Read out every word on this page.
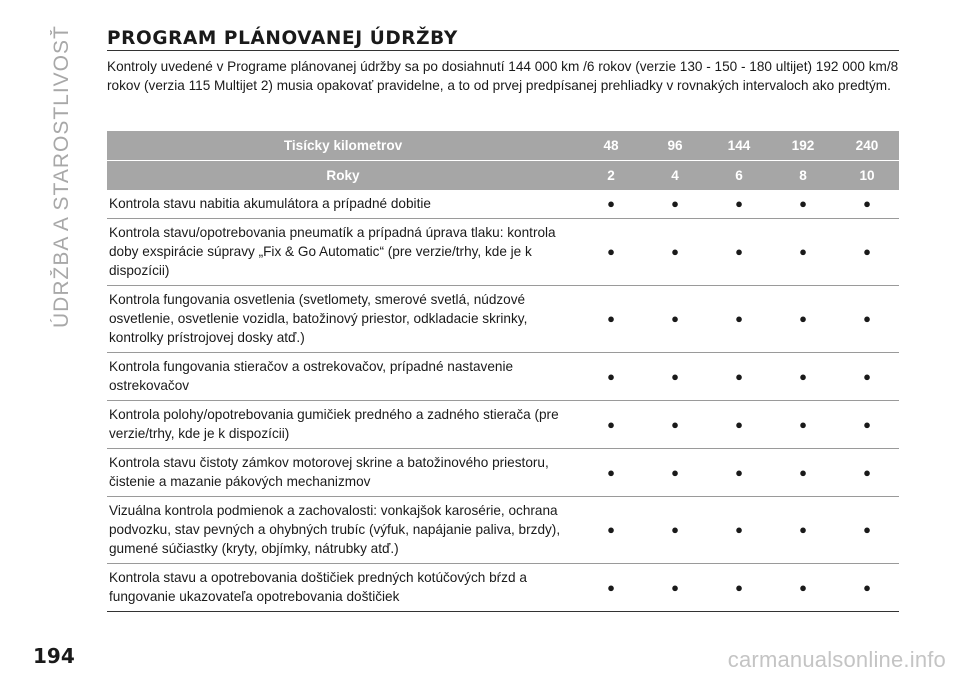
ÚDRŽBA A STAROSTLIVOSŤ PROGRAM PLÁNOVANEJ ÚDRŽBY
Kontroly uvedené v Programe plánovanej údržby sa po dosiahnutí 144 000 km /6 rokov (verzie 130 - 150 - 180 ultijet) 192 000 km/8 rokov (verzia 115 Multijet 2) musia opakovať pravidelne, a to od prvej predpísanej prehliadky v rovnakých intervaloch ako predtým.
Tisícky kilometrov	48	96	144	192	240
Roky	2	4	6	8	10
Kontrola stavu nabitia akumulátora a prípadné dobitie	●	●	●	●	●
Kontrola stavu/opotrebovania pneumatík a prípadná úprava tlaku: kontrola doby exspirácie súpravy „Fix & Go Automatic“ (pre verzie/trhy, kde je k dispozícii)	●	●	●	●	●
Kontrola fungovania osvetlenia (svetlomety, smerové svetlá, núdzové osvetlenie, osvetlenie vozidla, batožinový priestor, odkladacie skrinky, kontrolky prístrojovej dosky atď.)	●	●	●	●	●
Kontrola fungovania stieračov a ostrekovačov, prípadné nastavenie ostrekovačov	●	●	●	●	●
Kontrola polohy/opotrebovania gumičiek predného a zadného stierača (pre verzie/trhy, kde je k dispozícii)	●	●	●	●	●
Kontrola stavu čistoty zámkov motorovej skrine a batožinového priestoru, čistenie a mazanie pákových mechanizmov	●	●	●	●	●
Vizuálna kontrola podmienok a zachovalosti: vonkajšok karosérie, ochrana podvozku, stav pevných a ohybných trubíc (výfuk, napájanie paliva, brzdy), gumené súčiastky (kryty, objímky, nátrubky atď.)	●	●	●	●	●
Kontrola stavu a opotrebovania doštičiek predných kotúčových bŕzd a fungovanie ukazovateľa opotrebovania doštičiek	●	●	●	●	●
194	carmanualsonline.info
